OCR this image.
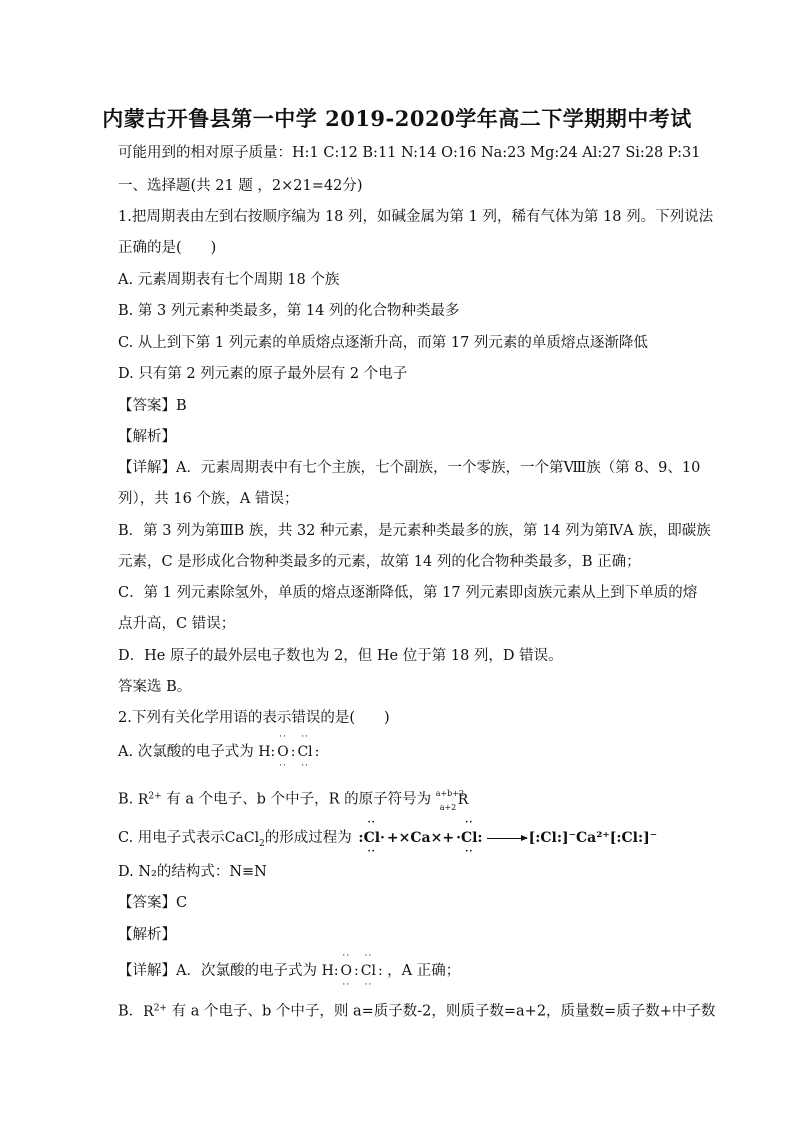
内蒙古开鲁县第一中学 2019-2020学年高二下学期期中考试
可能用到的相对原子质量：H:1 C:12 B:11 N:14 O:16 Na:23 Mg:24 Al:27 Si:28 P:31
一、选择题(共 21 题 ，2×21=42分)
1.把周期表由左到右按顺序编为 18 列，如碱金属为第 1 列，稀有气体为第 18 列。下列说法
正确的是(　　)
A. 元素周期表有七个周期 18 个族
B. 第 3 列元素种类最多，第 14 列的化合物种类最多
C. 从上到下第 1 列元素的单质熔点逐渐升高，而第 17 列元素的单质熔点逐渐降低
D. 只有第 2 列元素的原子最外层有 2 个电子
【答案】B
【解析】
【详解】A．元素周期表中有七个主族，七个副族，一个零族，一个第Ⅷ族（第 8、9、10
列），共 16 个族，A 错误；
B．第 3 列为第ⅢB 族，共 32 种元素，是元素种类最多的族，第 14 列为第ⅣA 族，即碳族
元素，C 是形成化合物种类最多的元素，故第 14 列的化合物种类最多，B 正确；
C．第 1 列元素除氢外，单质的熔点逐渐降低，第 17 列元素即卤族元素从上到下单质的熔
点升高，C 错误；
D．He 原子的最外层电子数也为 2，但 He 位于第 18 列，D 错误。
答案选 B。
2.下列有关化学用语的表示错误的是(　　)
A. 次氯酸的电子式为 H:
··
O
··
:
··
Cl
··
:
B. $R^{2+}$ 有 a 个电子、b 个中子，R 的原子符号为 a+b+2
a+2 R
C. 用电子式表示CaCl$_2$的形成过程为
··
:Cl·
··
+×Ca×+
··
·Cl:
··
→ [:Cl:]⁻Ca²⁺[:Cl:]⁻
D. N₂的结构式：N≡N
【答案】C
【解析】
【详解】A．次氯酸的电子式为 H:
··
O
··
:
··
Cl
··
: ，A 正确；
B．$R^{2+}$ 有 a 个电子、b 个中子，则 a=质子数-2，则质子数=a+2，质量数=质子数+中子数
